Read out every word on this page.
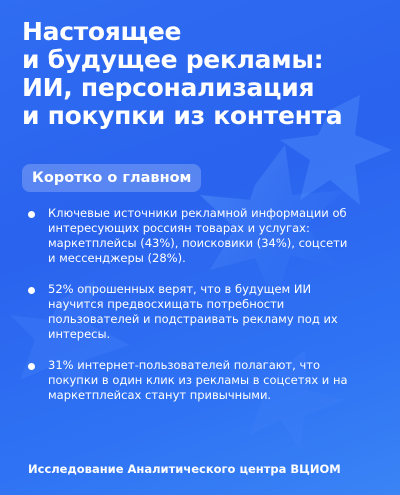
Настоящее
и будущее рекламы:
ИИ, персонализация
и покупки из контента
Коротко о главном
Ключевые источники рекламной информации об интересующих россиян товарах и услугах: маркетплейсы (43%), поисковики (34%), соцсети и мессенджеры (28%).
52% опрошенных верят, что в будущем ИИ научится предвосхищать потребности пользователей и подстраивать рекламу под их интересы.
31% интернет-пользователей полагают, что покупки в один клик из рекламы в соцсетях и на маркетплейсах станут привычными.
Исследование Аналитического центра ВЦИОМ
